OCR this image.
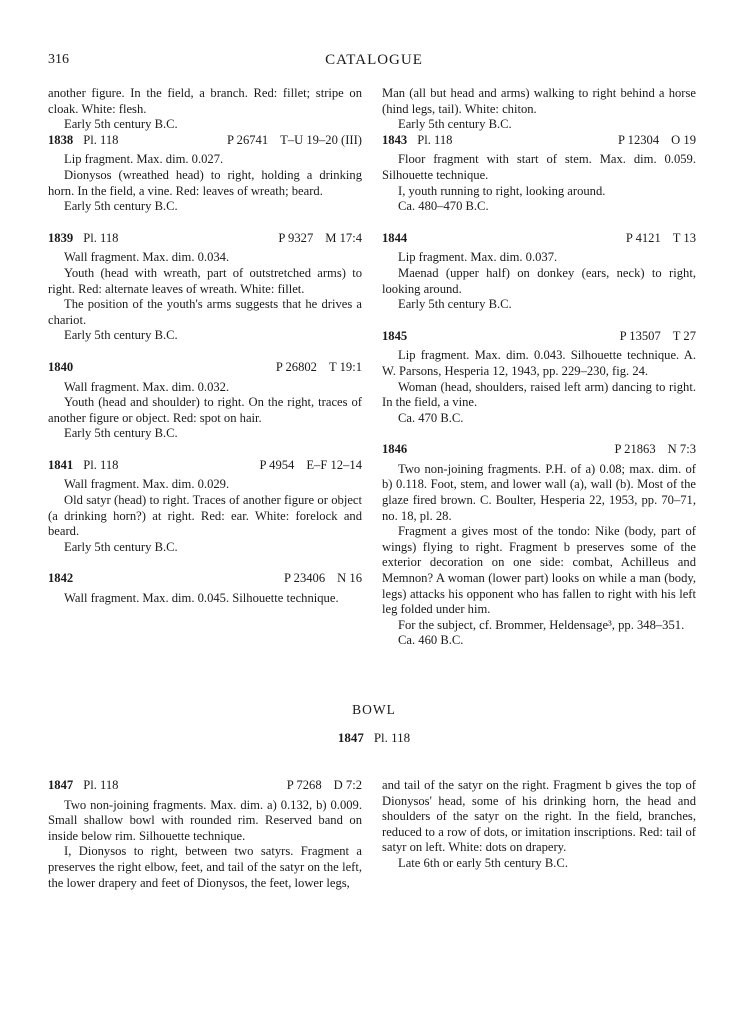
316	CATALOGUE

another figure. In the field, a branch. Red: fillet; stripe on cloak. White: flesh.

Early 5th century B.C.

1838 Pl. 118	P 26741 T–U 19–20 (III)

Lip fragment. Max. dim. 0.027.

Dionysos (wreathed head) to right, holding a drinking horn. In the field, a vine. Red: leaves of wreath; beard.

Early 5th century B.C.

1839 Pl. 118	P 9327 M 17:4

Wall fragment. Max. dim. 0.034.

Youth (head with wreath, part of outstretched arms) to right. Red: alternate leaves of wreath. White: fillet.

The position of the youth's arms suggests that he drives a chariot.

Early 5th century B.C.

1840	P 26802 T 19:1

Wall fragment. Max. dim. 0.032.

Youth (head and shoulder) to right. On the right, traces of another figure or object. Red: spot on hair.

Early 5th century B.C.

1841 Pl. 118	P 4954 E–F 12–14

Wall fragment. Max. dim. 0.029.

Old satyr (head) to right. Traces of another figure or object (a drinking horn?) at right. Red: ear. White: forelock and beard.

Early 5th century B.C.

1842	P 23406 N 16

Wall fragment. Max. dim. 0.045. Silhouette technique.

Man (all but head and arms) walking to right behind a horse (hind legs, tail). White: chiton.

Early 5th century B.C.

1843 Pl. 118	P 12304 O 19

Floor fragment with start of stem. Max. dim. 0.059. Silhouette technique.

I, youth running to right, looking around.

Ca. 480–470 B.C.

1844	P 4121 T 13

Lip fragment. Max. dim. 0.037.

Maenad (upper half) on donkey (ears, neck) to right, looking around.

Early 5th century B.C.

1845	P 13507 T 27

Lip fragment. Max. dim. 0.043. Silhouette technique. A. W. Parsons, Hesperia 12, 1943, pp. 229–230, fig. 24.

Woman (head, shoulders, raised left arm) dancing to right. In the field, a vine.

Ca. 470 B.C.

1846	P 21863 N 7:3

Two non-joining fragments. P.H. of a) 0.08; max. dim. of b) 0.118. Foot, stem, and lower wall (a), wall (b). Most of the glaze fired brown. C. Boulter, Hesperia 22, 1953, pp. 70–71, no. 18, pl. 28.

Fragment a gives most of the tondo: Nike (body, part of wings) flying to right. Fragment b preserves some of the exterior decoration on one side: combat, Achilleus and Memnon? A woman (lower part) looks on while a man (body, legs) attacks his opponent who has fallen to right with his left leg folded under him.

For the subject, cf. Brommer, Heldensage³, pp. 348–351.

Ca. 460 B.C.

BOWL
1847 Pl. 118
1847 Pl. 118	P 7268 D 7:2

Two non-joining fragments. Max. dim. a) 0.132, b) 0.009. Small shallow bowl with rounded rim. Reserved band on inside below rim. Silhouette technique.

I, Dionysos to right, between two satyrs. Fragment a preserves the right elbow, feet, and tail of the satyr on the left, the lower drapery and feet of Dionysos, the feet, lower legs,

and tail of the satyr on the right. Fragment b gives the top of Dionysos' head, some of his drinking horn, the head and shoulders of the satyr on the right. In the field, branches, reduced to a row of dots, or imitation inscriptions. Red: tail of satyr on left. White: dots on drapery.

Late 6th or early 5th century B.C.
